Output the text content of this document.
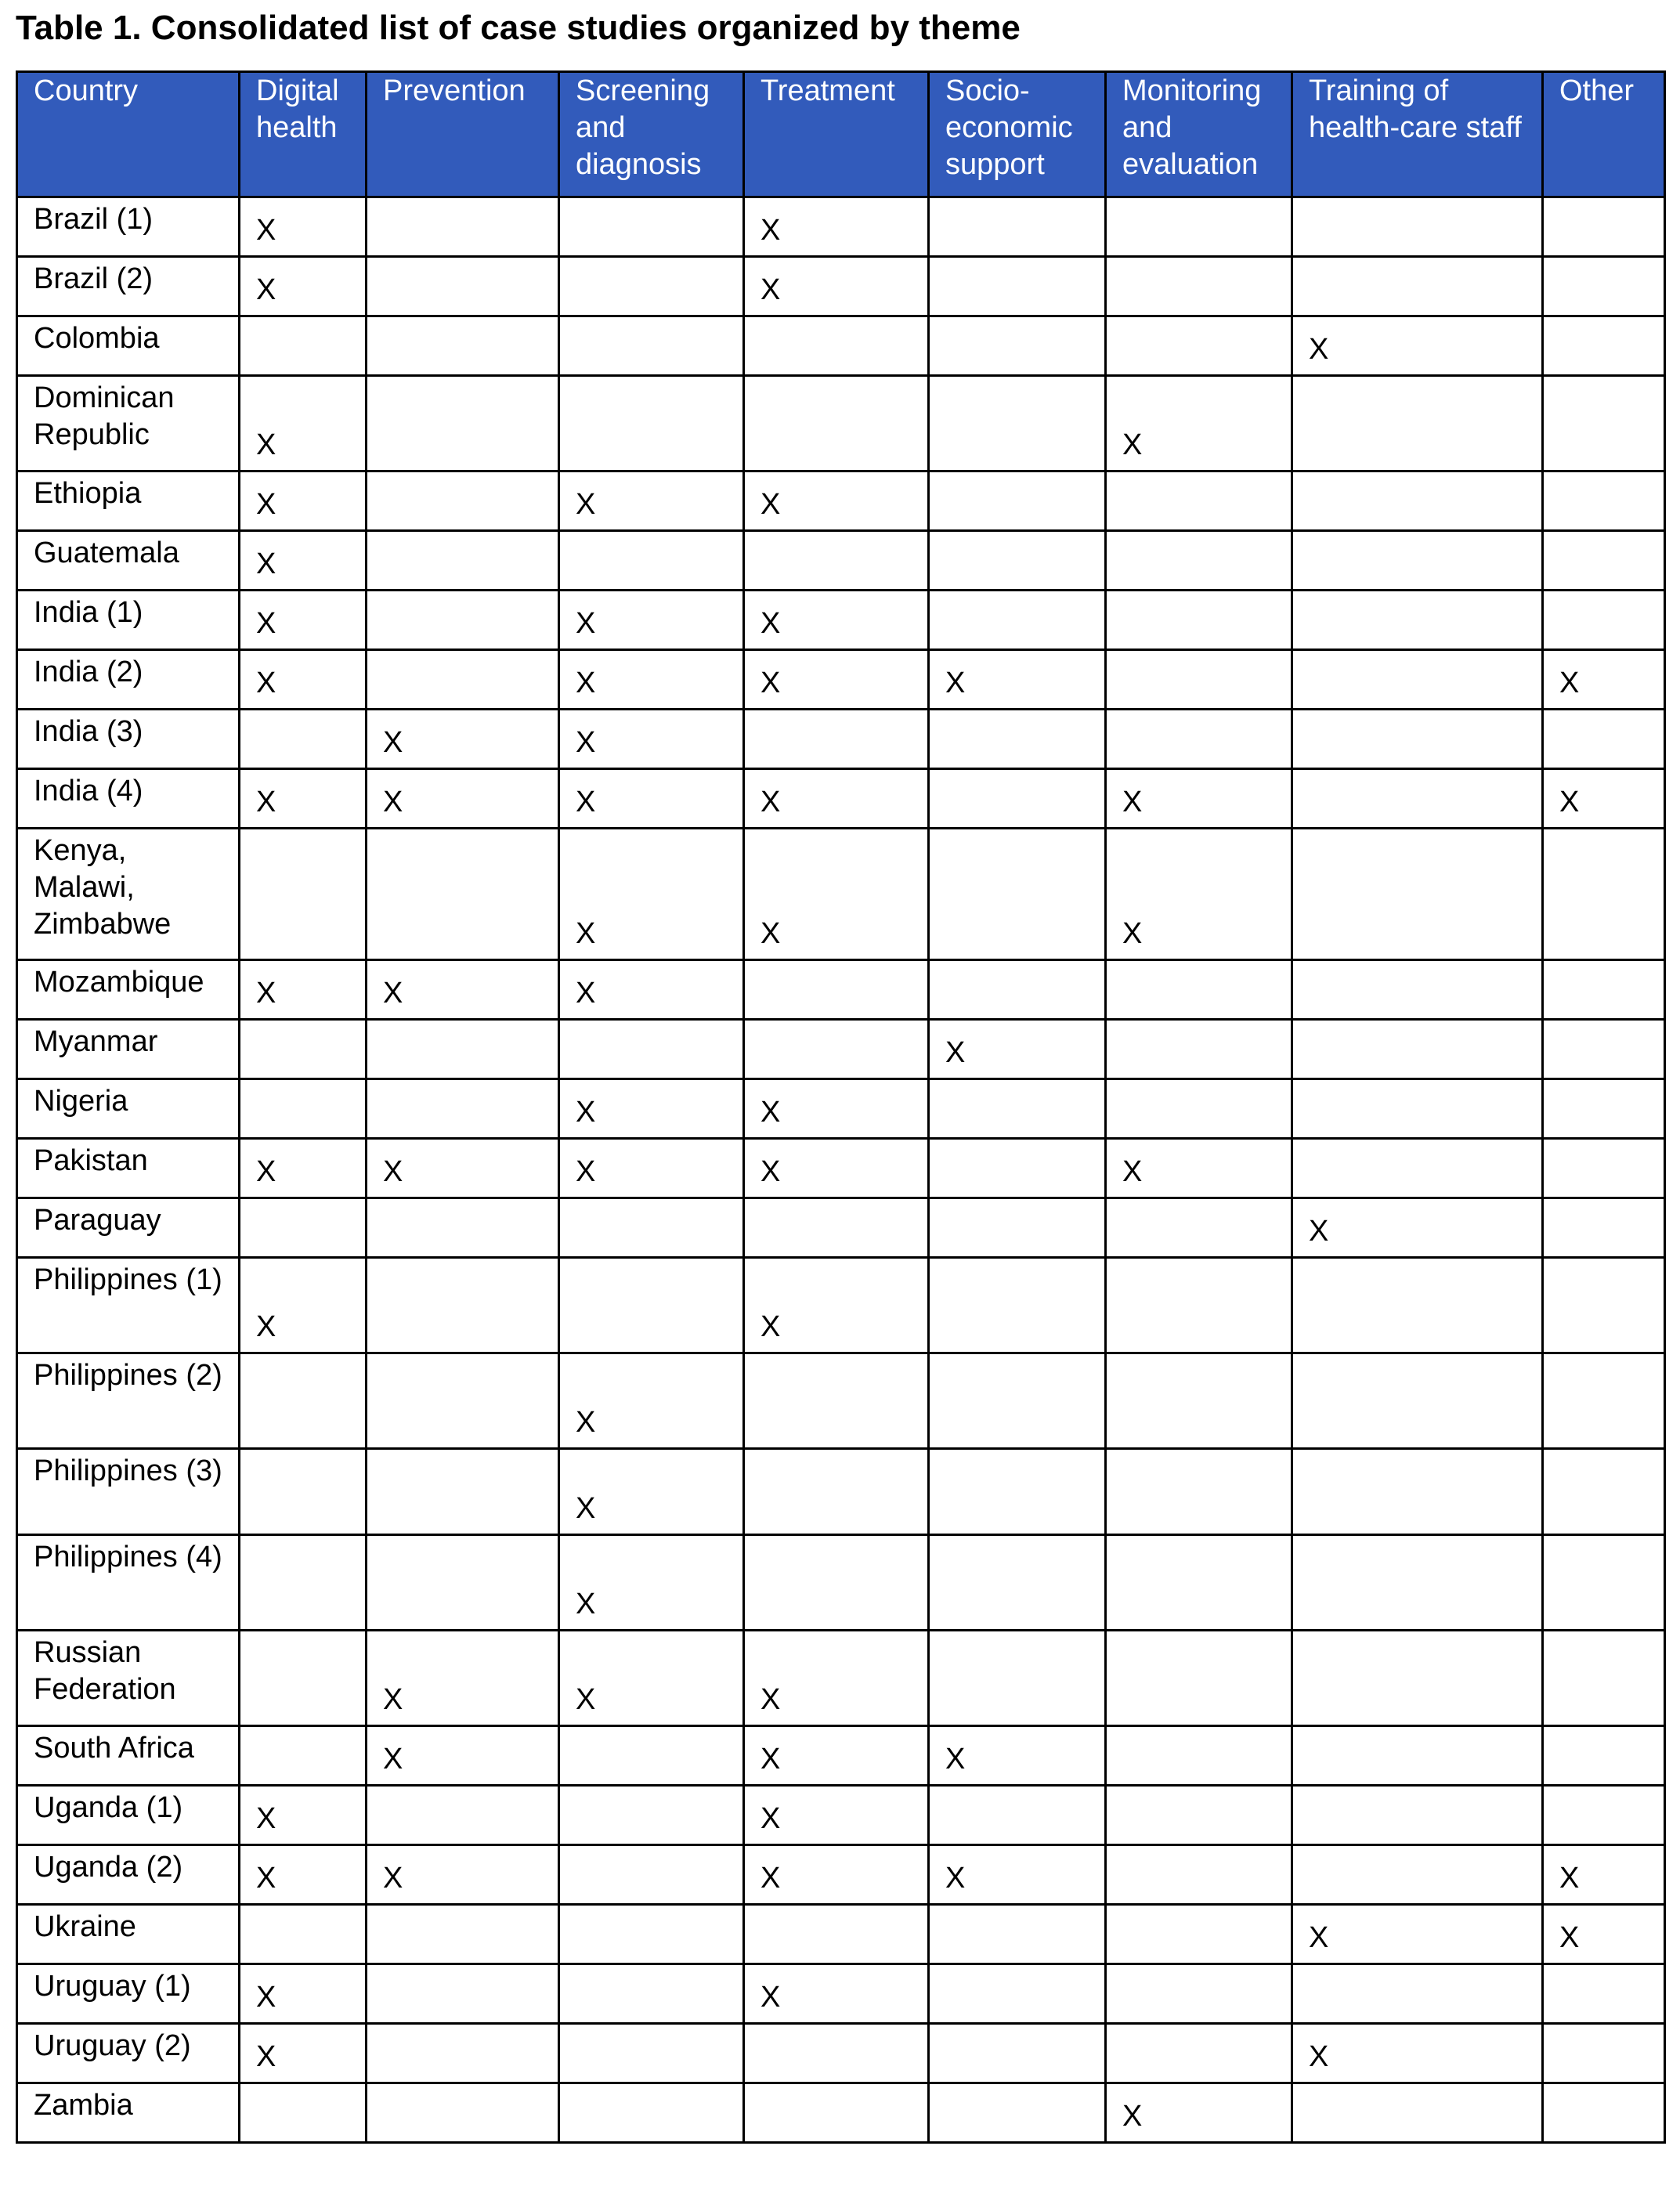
Table 1. Consolidated list of case studies organized by theme
Country	Digital health	Prevention	Screening and diagnosis	Treatment	Socio-economic support	Monitoring and evaluation	Training of health-care staff	Other
Brazil (1)	X			X				
Brazil (2)	X			X				
Colombia							X	
Dominican Republic	X					X		
Ethiopia	X		X	X				
Guatemala	X							
India (1)	X		X	X				
India (2)	X		X	X	X			X
India (3)		X	X					
India (4)	X	X	X	X		X		X
Kenya, Malawi, Zimbabwe			X	X		X		
Mozambique	X	X	X					
Myanmar					X			
Nigeria			X	X				
Pakistan	X	X	X	X		X		
Paraguay							X	
Philippines (1)	X			X				
Philippines (2)			X					
Philippines (3)			X					
Philippines (4)			X					
Russian Federation		X	X	X				
South Africa		X		X	X			
Uganda (1)	X			X				
Uganda (2)	X	X		X	X			X
Ukraine							X	X
Uruguay (1)	X			X				
Uruguay (2)	X						X	
Zambia						X		
